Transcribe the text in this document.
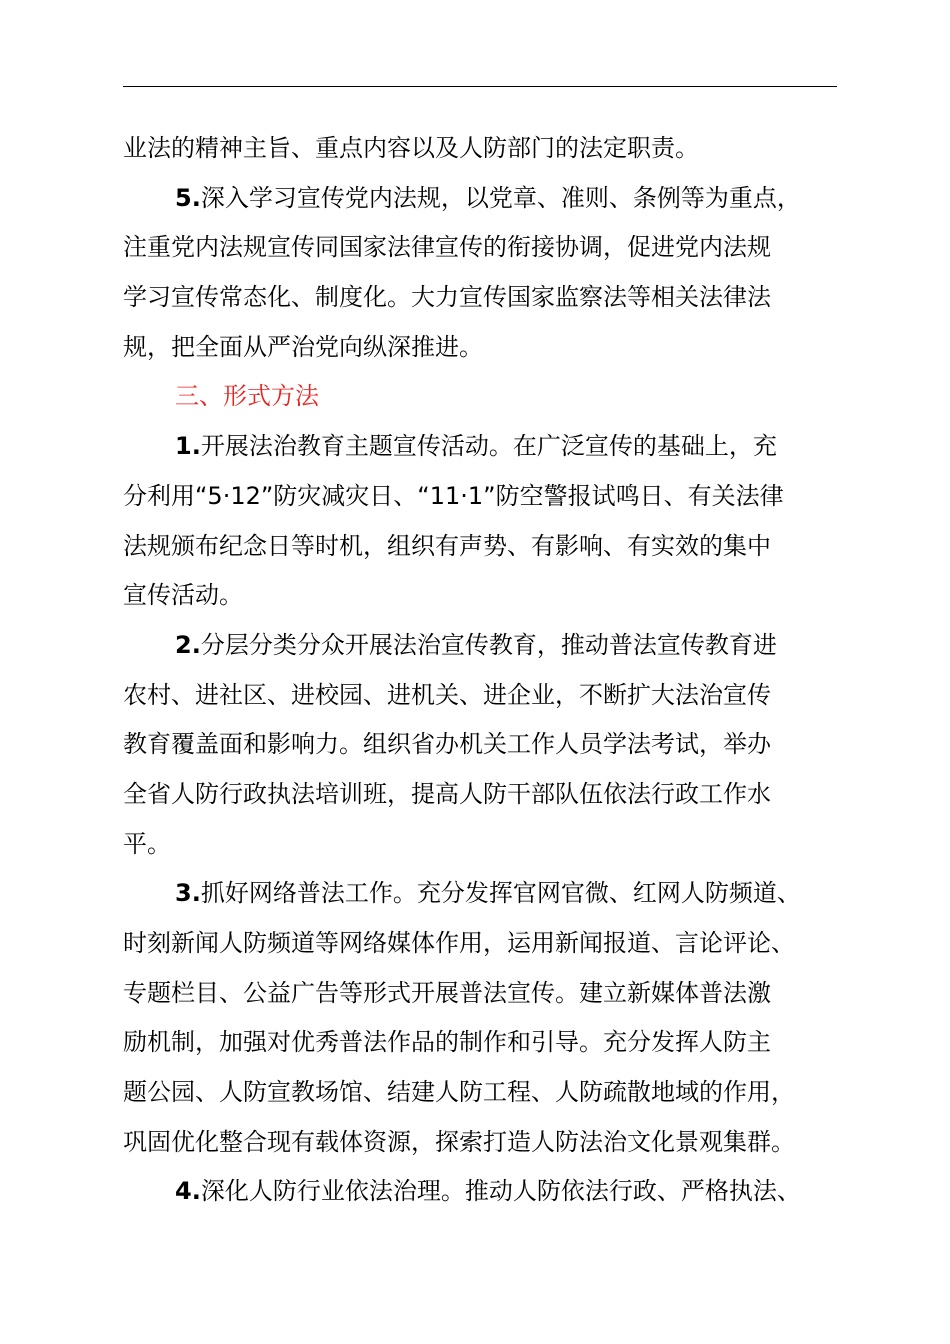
业法的精神主旨、重点内容以及人防部门的法定职责。
5.深入学习宣传党内法规，以党章、准则、条例等为重点，
注重党内法规宣传同国家法律宣传的衔接协调，促进党内法规
学习宣传常态化、制度化。大力宣传国家监察法等相关法律法
规，把全面从严治党向纵深推进。
三、形式方法
1.开展法治教育主题宣传活动。在广泛宣传的基础上，充
分利用“5·12”防灾减灾日、“11·1”防空警报试鸣日、有关法律
法规颁布纪念日等时机，组织有声势、有影响、有实效的集中
宣传活动。
2.分层分类分众开展法治宣传教育，推动普法宣传教育进
农村、进社区、进校园、进机关、进企业，不断扩大法治宣传
教育覆盖面和影响力。组织省办机关工作人员学法考试，举办
全省人防行政执法培训班，提高人防干部队伍依法行政工作水
平。
3.抓好网络普法工作。充分发挥官网官微、红网人防频道、
时刻新闻人防频道等网络媒体作用，运用新闻报道、言论评论、
专题栏目、公益广告等形式开展普法宣传。建立新媒体普法激
励机制，加强对优秀普法作品的制作和引导。充分发挥人防主
题公园、人防宣教场馆、结建人防工程、人防疏散地域的作用，
巩固优化整合现有载体资源，探索打造人防法治文化景观集群。
4.深化人防行业依法治理。推动人防依法行政、严格执法、
